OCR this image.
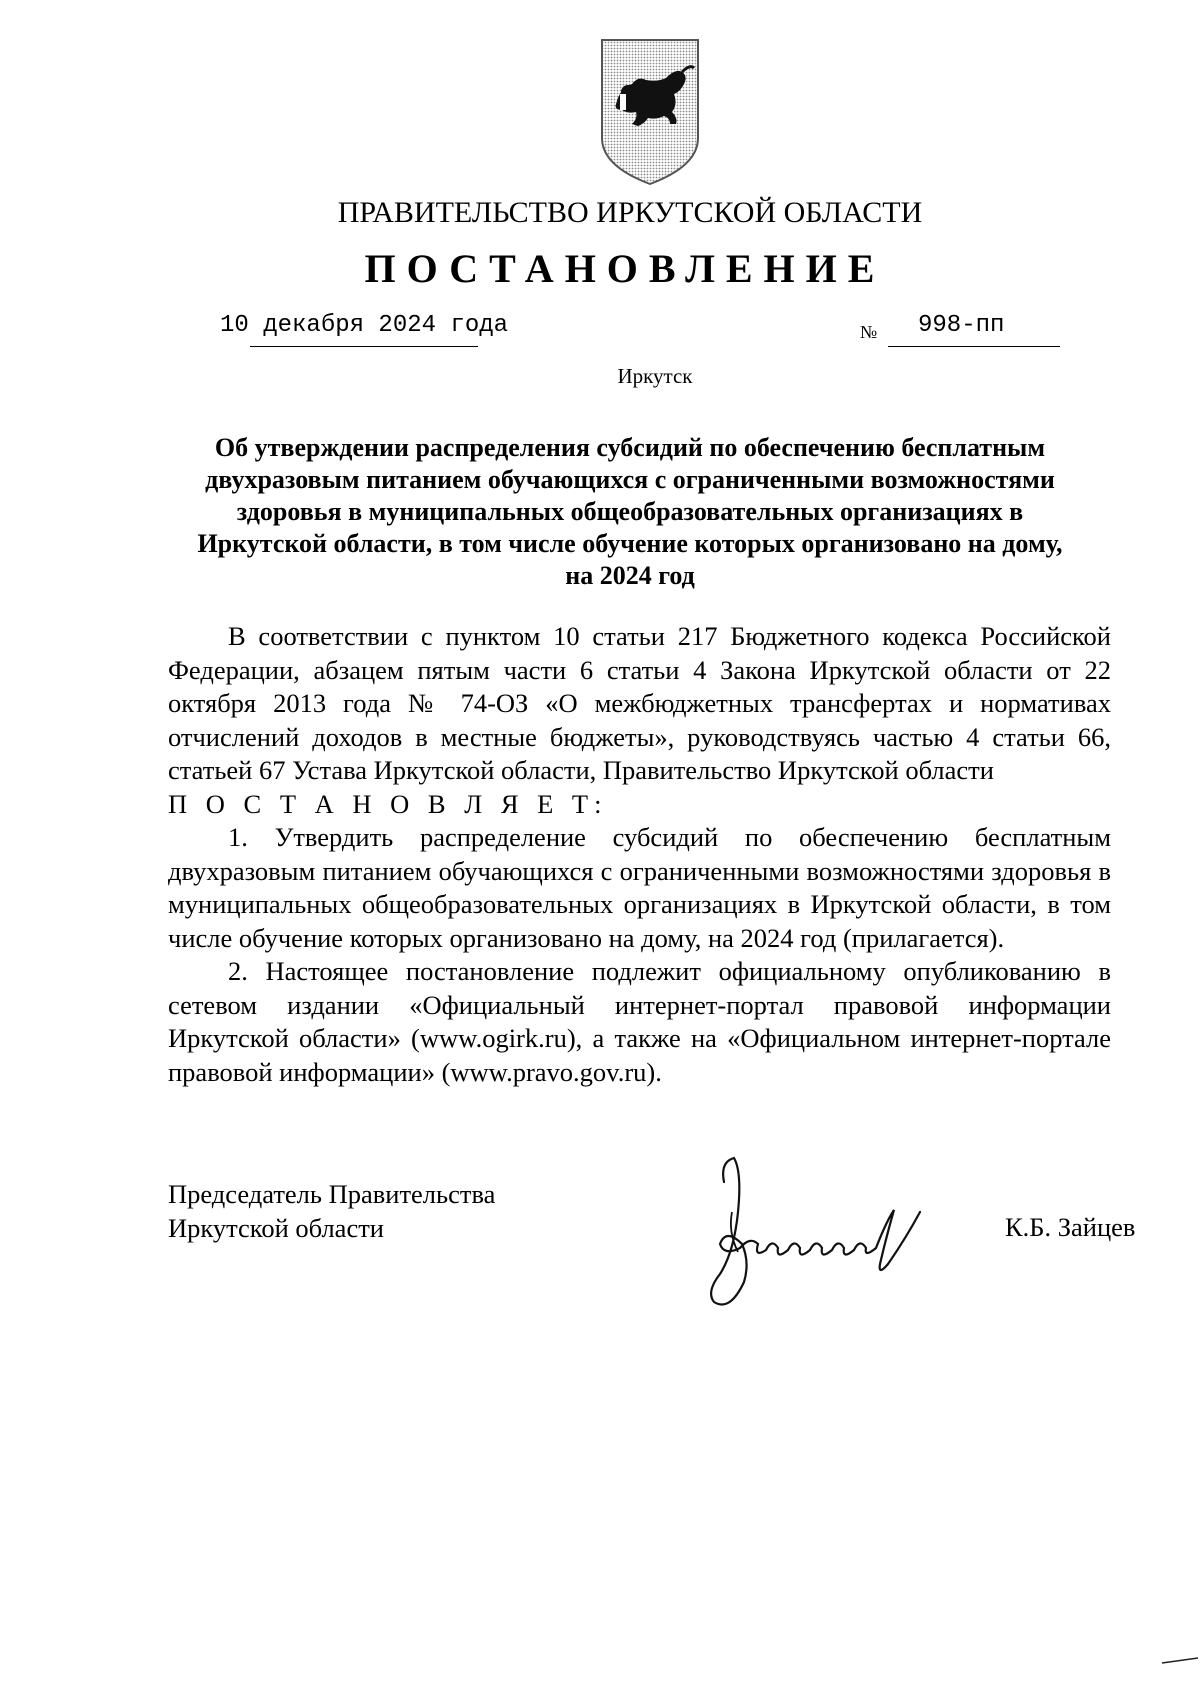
ПРАВИТЕЛЬСТВО ИРКУТСКОЙ ОБЛАСТИ
ПОСТАНОВЛЕНИЕ
10 декабря 2024 года	№ 998-пп
Иркутск
Об утверждении распределения субсидий по обеспечению бесплатным
двухразовым питанием обучающихся с ограниченными возможностями
здоровья в муниципальных общеобразовательных организациях в
Иркутской области, в том числе обучение которых организовано на дому,
на 2024 год

В соответствии с пунктом 10 статьи 217 Бюджетного кодекса Российской Федерации, абзацем пятым части 6 статьи 4 Закона Иркутской области от 22 октября 2013 года № 74-ОЗ «О межбюджетных трансфертах и нормативах отчислений доходов в местные бюджеты», руководствуясь частью 4 статьи 66, статьей 67 Устава Иркутской области, Правительство Иркутской области

П О С Т А Н О В Л Я Е Т:

1. Утвердить распределение субсидий по обеспечению бесплатным двухразовым питанием обучающихся с ограниченными возможностями здоровья в муниципальных общеобразовательных организациях в Иркутской области, в том числе обучение которых организовано на дому, на 2024 год (прилагается).

2. Настоящее постановление подлежит официальному опубликованию в сетевом издании «Официальный интернет-портал правовой информации Иркутской области» (www.ogirk.ru), а также на «Официальном интернет-портале правовой информации» (www.pravo.gov.ru).

Председатель Правительства
Иркутской области	К.Б. Зайцев
